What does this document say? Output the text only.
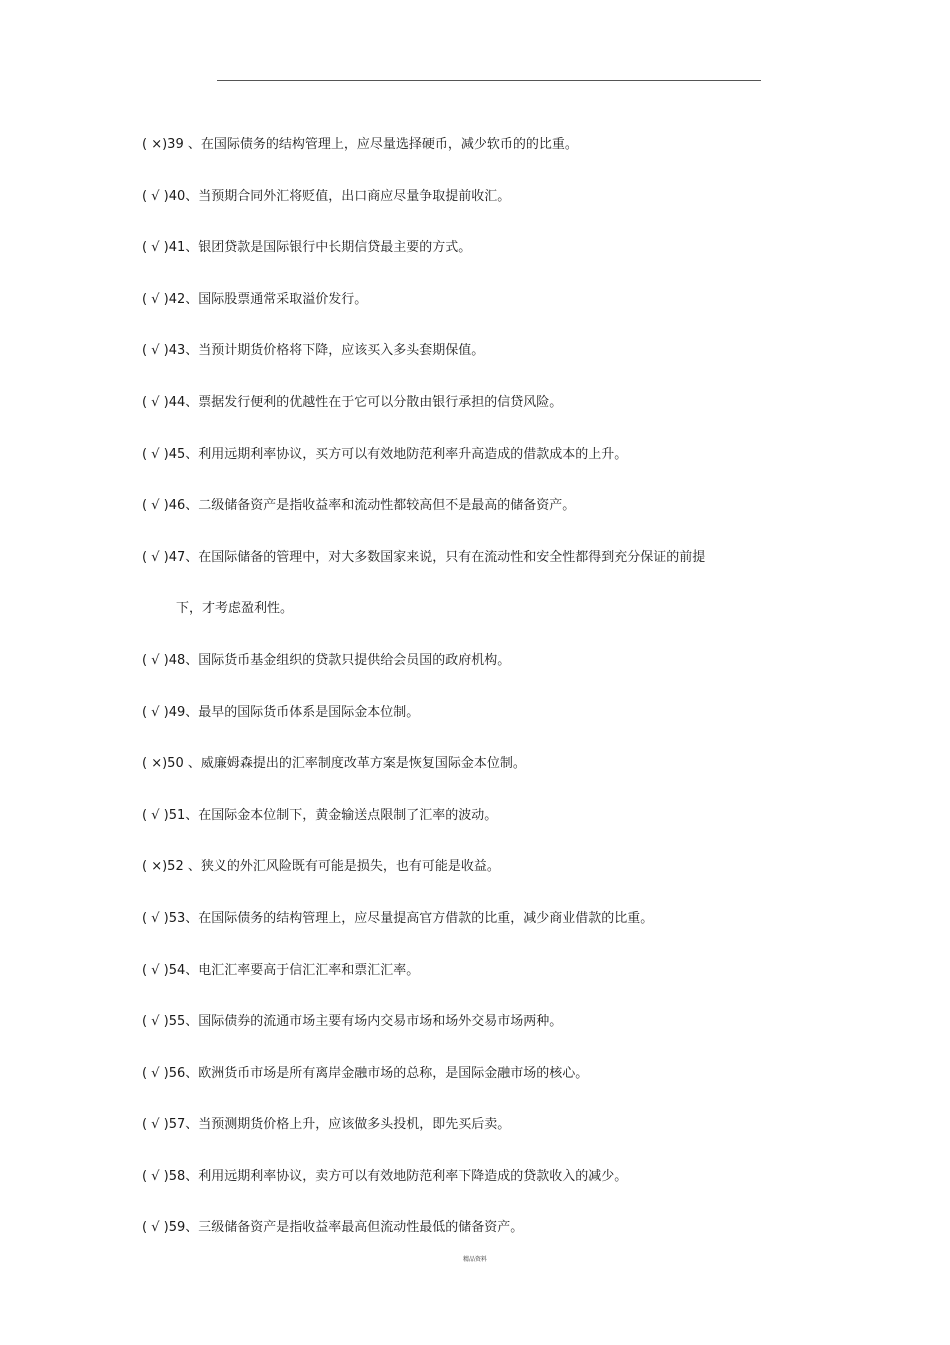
( ×)39 、在国际债务的结构管理上，应尽量选择硬币，减少软币的的比重。
( √ )40、当预期合同外汇将贬值，出口商应尽量争取提前收汇。
( √ )41、银团贷款是国际银行中长期信贷最主要的方式。
( √ )42、国际股票通常采取溢价发行。
( √ )43、当预计期货价格将下降，应该买入多头套期保值。
( √ )44、票据发行便利的优越性在于它可以分散由银行承担的信贷风险。
( √ )45、利用远期利率协议，买方可以有效地防范利率升高造成的借款成本的上升。
( √ )46、二级储备资产是指收益率和流动性都较高但不是最高的储备资产。
( √ )47、在国际储备的管理中，对大多数国家来说，只有在流动性和安全性都得到充分保证的前提
下，才考虑盈利性。
( √ )48、国际货币基金组织的贷款只提供给会员国的政府机构。
( √ )49、最早的国际货币体系是国际金本位制。
( ×)50 、威廉姆森提出的汇率制度改革方案是恢复国际金本位制。
( √ )51、在国际金本位制下，黄金输送点限制了汇率的波动。
( ×)52 、狭义的外汇风险既有可能是损失，也有可能是收益。
( √ )53、在国际债务的结构管理上，应尽量提高官方借款的比重，减少商业借款的比重。
( √ )54、电汇汇率要高于信汇汇率和票汇汇率。
( √ )55、国际债券的流通市场主要有场内交易市场和场外交易市场两种。
( √ )56、欧洲货币市场是所有离岸金融市场的总称，是国际金融市场的核心。
( √ )57、当预测期货价格上升，应该做多头投机，即先买后卖。
( √ )58、利用远期利率协议，卖方可以有效地防范利率下降造成的贷款收入的减少。
( √ )59、三级储备资产是指收益率最高但流动性最低的储备资产。
精品资料
